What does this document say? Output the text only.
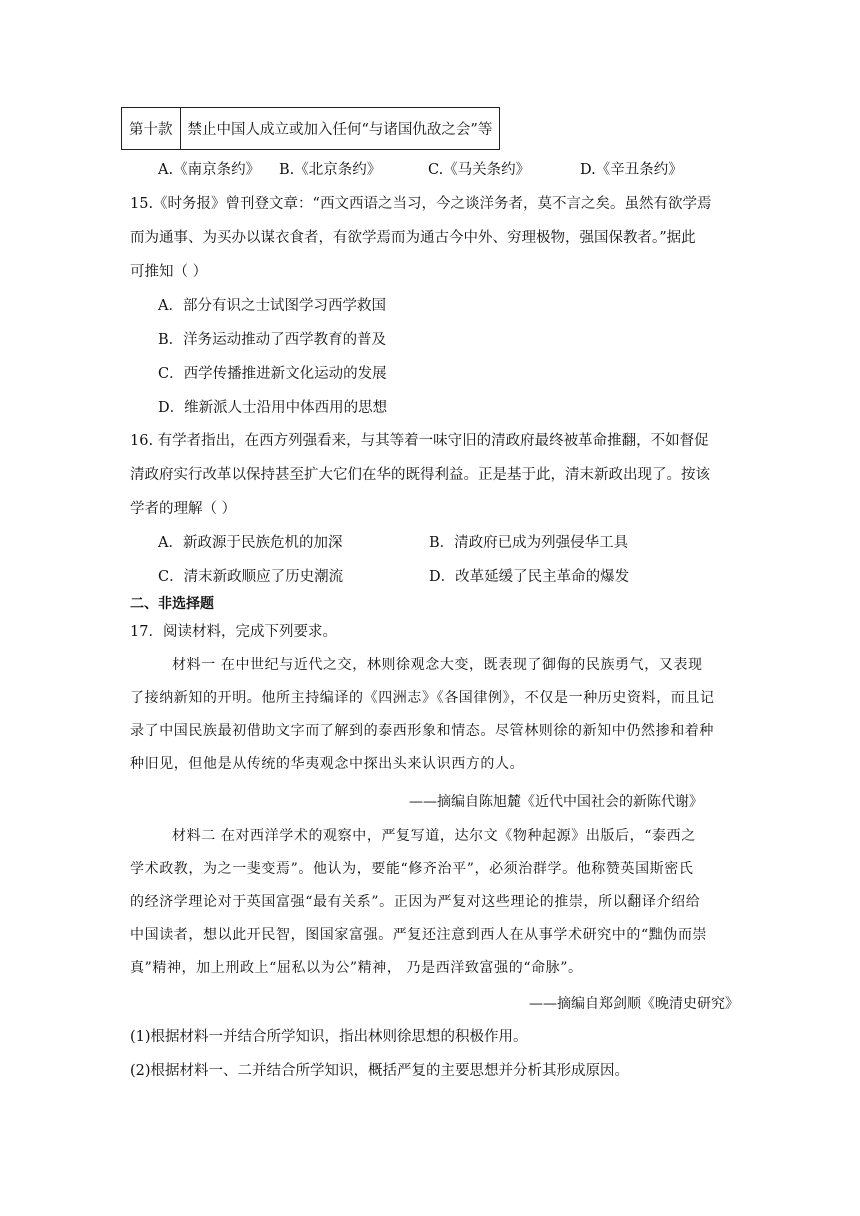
第十款	禁止中国人成立或加入任何“与诸国仇敌之会”等
A.《南京条约》 B.《北京条约》	C.《马关条约》	D.《辛丑条约》
15.《时务报》曾刊登文章：“西文西语之当习，今之谈洋务者，莫不言之矣。虽然有欲学焉
而为通事、为买办以谋衣食者，有欲学焉而为通古今中外、穷理极物，强国保教者。”据此
可推知（ ）
A．部分有识之士试图学习西学救国
B．洋务运动推动了西学教育的普及
C．西学传播推进新文化运动的发展
D．维新派人士沿用中体西用的思想
16. 有学者指出，在西方列强看来，与其等着一味守旧的清政府最终被革命推翻，不如督促
清政府实行改革以保持甚至扩大它们在华的既得利益。正是基于此，清末新政出现了。按该
学者的理解（ ）
A．新政源于民族危机的加深	B．清政府已成为列强侵华工具
C．清末新政顺应了历史潮流	D．改革延缓了民主革命的爆发
二、非选择题
17．阅读材料，完成下列要求。
材料一 在中世纪与近代之交，林则徐观念大变，既表现了御侮的民族勇气，又表现
了接纳新知的开明。他所主持编译的《四洲志》《各国律例》，不仅是一种历史资料，而且记
录了中国民族最初借助文字而了解到的泰西形象和情态。尽管林则徐的新知中仍然掺和着种
种旧见，但他是从传统的华夷观念中探出头来认识西方的人。
——摘编自陈旭麓《近代中国社会的新陈代谢》
材料二 在对西洋学术的观察中，严复写道，达尔文《物种起源》出版后，“泰西之
学术政教，为之一斐变焉”。他认为，要能“修齐治平”，必须治群学。他称赞英国斯密氏
的经济学理论对于英国富强“最有关系”。正因为严复对这些理论的推崇，所以翻译介绍给
中国读者，想以此开民智，图国家富强。严复还注意到西人在从事学术研究中的“黜伪而崇
真”精神，加上刑政上“屈私以为公”精神， 乃是西洋致富强的“命脉”。
——摘编自郑剑顺《晚清史研究》
(1)根据材料一并结合所学知识，指出林则徐思想的积极作用。
(2)根据材料一、二并结合所学知识，概括严复的主要思想并分析其形成原因。
